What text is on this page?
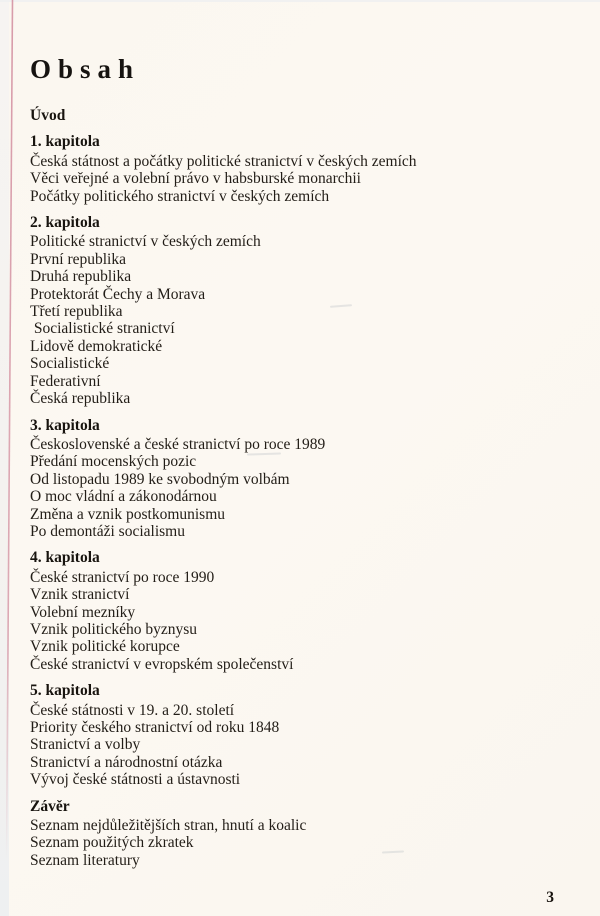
Obsah
Úvod
1. kapitola

Česká státnost a počátky politické stranictví v českých zemích

Věci veřejné a volební právo v habsburské monarchii

Počátky politického stranictví v českých zemích

2. kapitola

Politické stranictví v českých zemích

První republika

Druhá republika

Protektorát Čechy a Morava

Třetí republika

Socialistické stranictví

Lidově demokratické

Socialistické

Federativní

Česká republika

3. kapitola

Československé a české stranictví po roce 1989

Předání mocenských pozic

Od listopadu 1989 ke svobodným volbám

O moc vládní a zákonodárnou

Změna a vznik postkomunismu

Po demontáži socialismu

4. kapitola

České stranictví po roce 1990

Vznik stranictví

Volební mezníky

Vznik politického byznysu

Vznik politické korupce

České stranictví v evropském společenství

5. kapitola

České státnosti v 19. a 20. století

Priority českého stranictví od roku 1848

Stranictví a volby

Stranictví a národnostní otázka

Vývoj české státnosti a ústavnosti

Závěr

Seznam nejdůležitějších stran, hnutí a koalic

Seznam použitých zkratek

Seznam literatury

3
